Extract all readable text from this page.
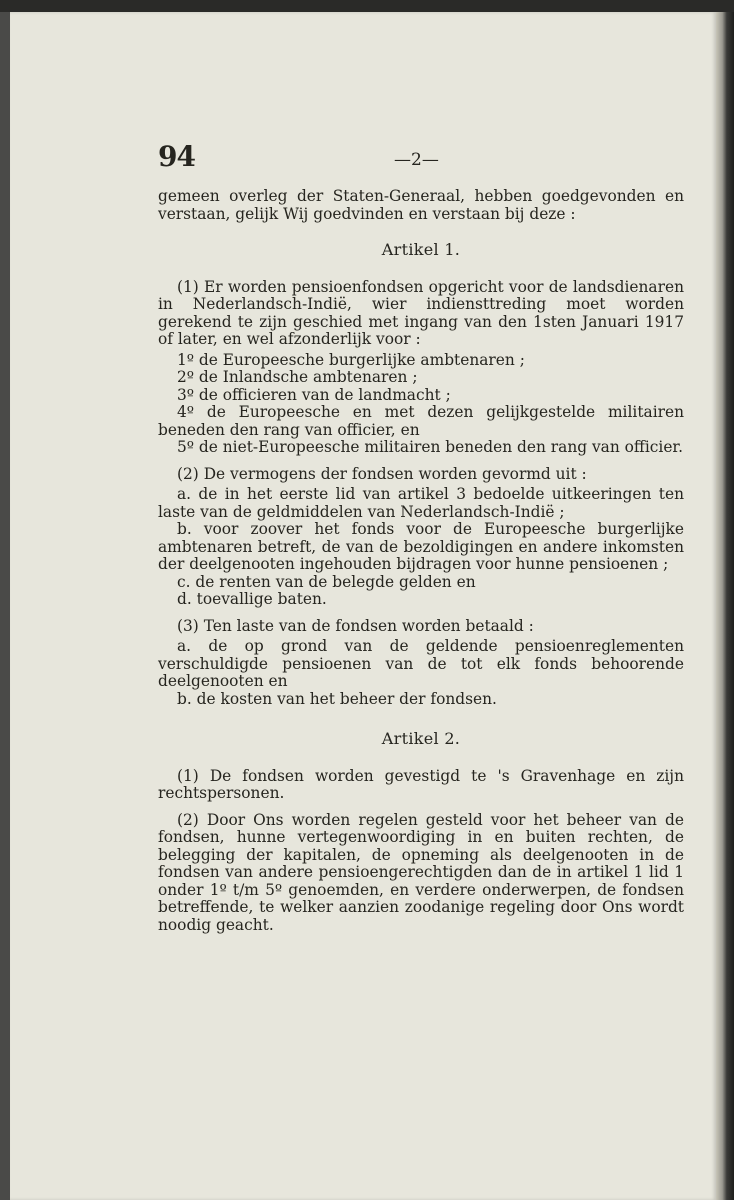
94	—2—

gemeen overleg der Staten-Generaal, hebben goedgevonden en verstaan, gelijk Wij goedvinden en verstaan bij deze :

Artikel 1.

(1) Er worden pensioenfondsen opgericht voor de landsdienaren in Nederlandsch-Indië, wier indiensttreding moet worden gerekend te zijn geschied met ingang van den 1sten Januari 1917 of later, en wel afzonderlijk voor :

1º de Europeesche burgerlijke ambtenaren ;

2º de Inlandsche ambtenaren ;

3º de officieren van de landmacht ;

4º de Europeesche en met dezen gelijkgestelde militairen beneden den rang van officier, en

5º de niet-Europeesche militairen beneden den rang van officier.

(2) De vermogens der fondsen worden gevormd uit :

a. de in het eerste lid van artikel 3 bedoelde uitkeeringen ten laste van de geldmiddelen van Nederlandsch-Indië ;

b. voor zoover het fonds voor de Europeesche burgerlijke ambtenaren betreft, de van de bezoldigingen en andere inkomsten der deelgenooten ingehouden bijdragen voor hunne pensioenen ;

c. de renten van de belegde gelden en

d. toevallige baten.

(3) Ten laste van de fondsen worden betaald :

a. de op grond van de geldende pensioenreglementen verschuldigde pensioenen van de tot elk fonds behoorende deelgenooten en

b. de kosten van het beheer der fondsen.

Artikel 2.

(1) De fondsen worden gevestigd te 's Gravenhage en zijn rechtspersonen.

(2) Door Ons worden regelen gesteld voor het beheer van de fondsen, hunne vertegenwoordiging in en buiten rechten, de belegging der kapitalen, de opneming als deelgenooten in de fondsen van andere pensioengerechtigden dan de in artikel 1 lid 1 onder 1º t/m 5º genoemden, en verdere onderwerpen, de fondsen betreffende, te welker aanzien zoodanige regeling door Ons wordt noodig geacht.
